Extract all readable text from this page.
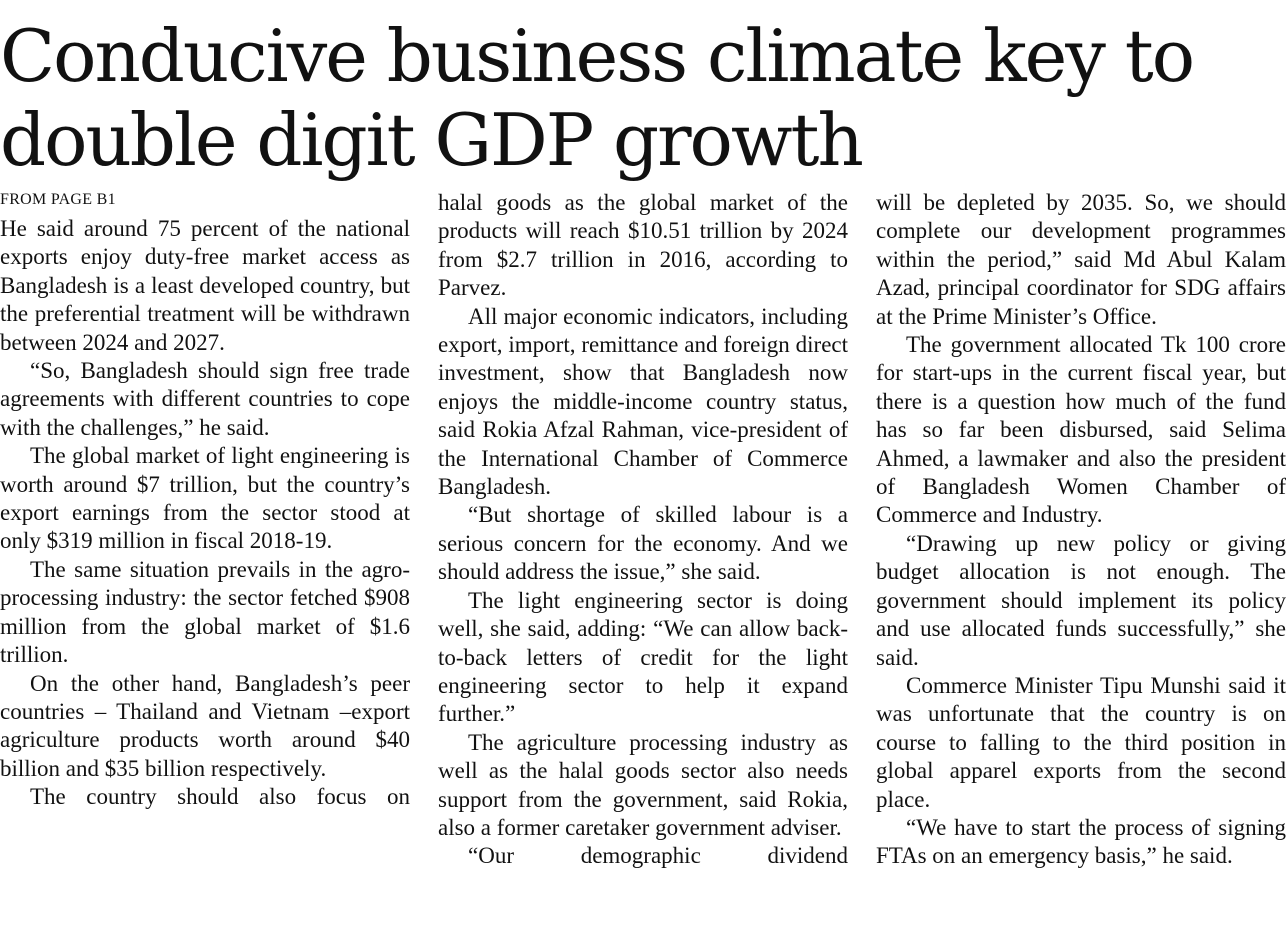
Conducive business climate key to
double digit GDP growth
FROM PAGE B1

He said around 75 percent of the national exports enjoy duty-free market access as Bangladesh is a least developed country, but the preferential treatment will be withdrawn between 2024 and 2027.

“So, Bangladesh should sign free trade agreements with different countries to cope with the challenges,” he said.

The global market of light engineering is worth around $7 trillion, but the country’s export earnings from the sector stood at only $319 million in fiscal 2018-19.

The same situation prevails in the agro-processing industry: the sector fetched $908 million from the global market of $1.6 trillion.

On the other hand, Bangladesh’s peer countries – Thailand and Vietnam –export agriculture products worth around $40 billion and $35 billion respectively.

The country should also focus on

halal goods as the global market of the products will reach $10.51 trillion by 2024 from $2.7 trillion in 2016, according to Parvez.

All major economic indicators, including export, import, remittance and foreign direct investment, show that Bangladesh now enjoys the middle-income country status, said Rokia Afzal Rahman, vice-president of the International Chamber of Commerce Bangladesh.

“But shortage of skilled labour is a serious concern for the economy. And we should address the issue,” she said.

The light engineering sector is doing well, she said, adding: “We can allow back-to-back letters of credit for the light engineering sector to help it expand further.”

The agriculture processing industry as well as the halal goods sector also needs support from the government, said Rokia, also a former caretaker government adviser.

“Our demographic dividend

will be depleted by 2035. So, we should complete our development programmes within the period,” said Md Abul Kalam Azad, principal coordinator for SDG affairs at the Prime Minister’s Office.

The government allocated Tk 100 crore for start-ups in the current fiscal year, but there is a question how much of the fund has so far been disbursed, said Selima Ahmed, a lawmaker and also the president of Bangladesh Women Chamber of Commerce and Industry.

“Drawing up new policy or giving budget allocation is not enough. The government should implement its policy and use allocated funds successfully,” she said.

Commerce Minister Tipu Munshi said it was unfortunate that the country is on course to falling to the third position in global apparel exports from the second place.

“We have to start the process of signing FTAs on an emergency basis,” he said.
